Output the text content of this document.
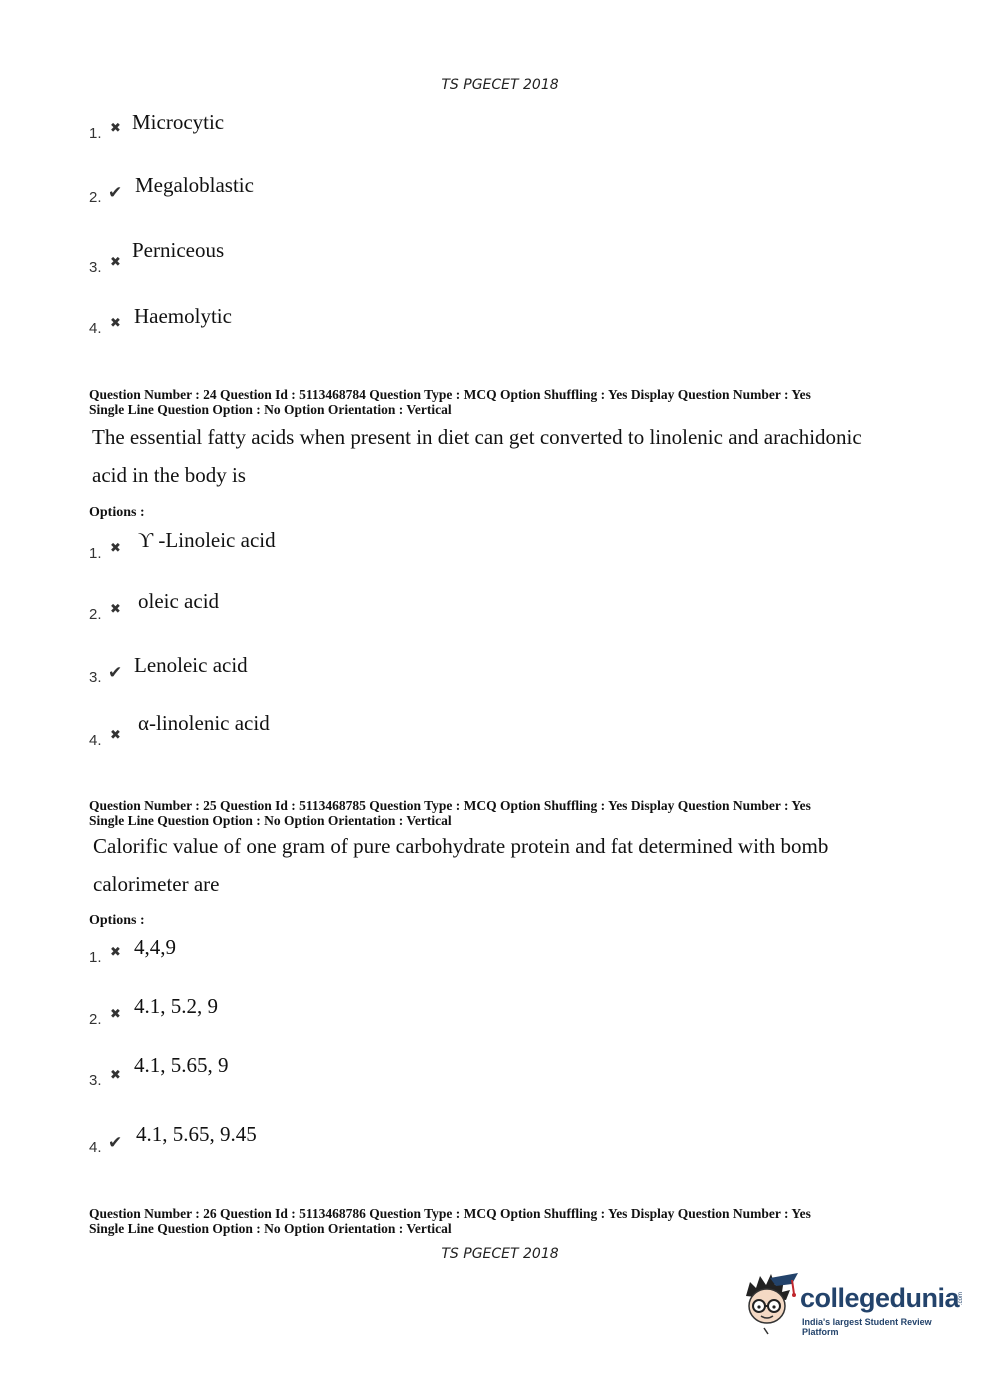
TS PGECET 2018
1. ✖ Microcytic
2. ✔ Megaloblastic
3. ✖
Perniceous
4. ✖ Haemolytic
Question Number : 24 Question Id : 5113468784 Question Type : MCQ Option Shuffling : Yes Display Question Number : Yes
Single Line Question Option : No Option Orientation : Vertical
The essential fatty acids when present in diet can get converted to linolenic and arachidonic
acid in the body is
Options :
1. ✖ ϒ -Linoleic acid
2. ✖ oleic acid
3. ✔ Lenoleic acid
4. ✖
α-linolenic acid
Question Number : 25 Question Id : 5113468785 Question Type : MCQ Option Shuffling : Yes Display Question Number : Yes
Single Line Question Option : No Option Orientation : Vertical
Calorific value of one gram of pure carbohydrate protein and fat determined with bomb
calorimeter are
Options :
1. ✖ 4,4,9
2. ✖ 4.1, 5.2, 9
3. ✖ 4.1, 5.65, 9
4. ✔ 4.1, 5.65, 9.45
Question Number : 26 Question Id : 5113468786 Question Type : MCQ Option Shuffling : Yes Display Question Number : Yes
Single Line Question Option : No Option Orientation : Vertical
TS PGECET 2018
collegedunia
.com
India's largest Student Review Platform
